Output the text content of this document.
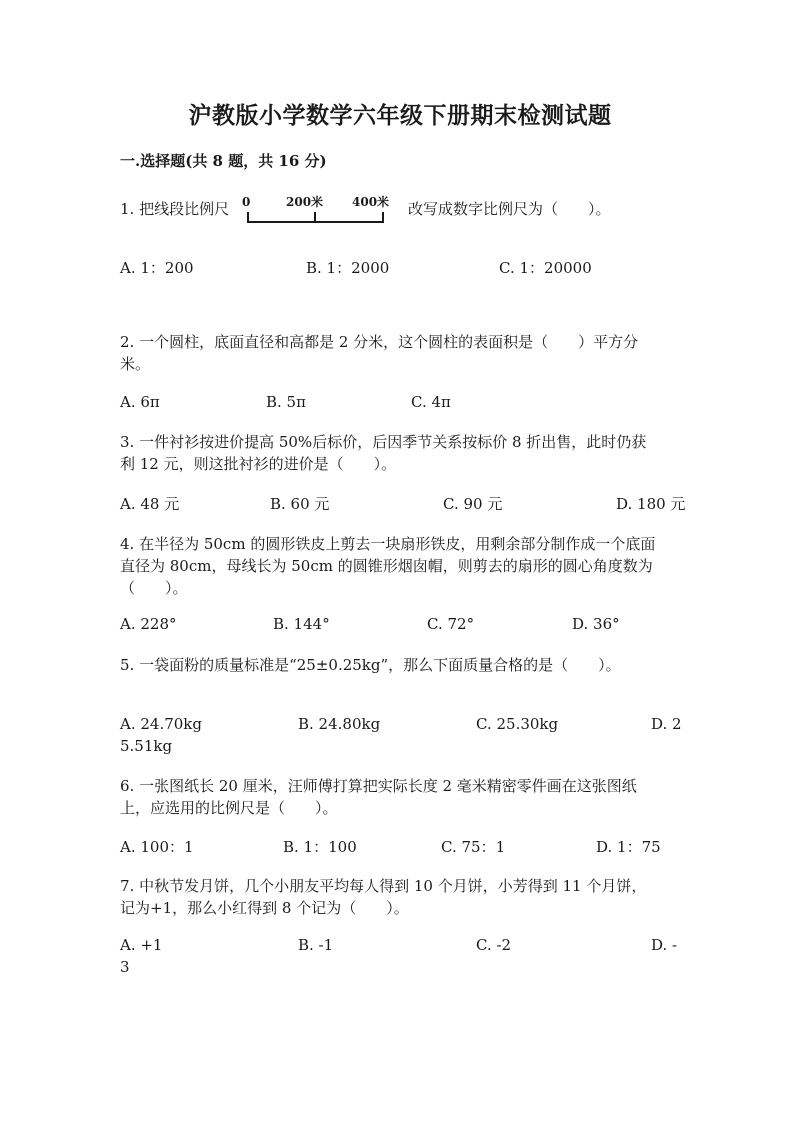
沪教版小学数学六年级下册期末检测试题
一.选择题(共 8 题，共 16 分)
1. 把线段比例尺 0	200米 400米 改写成数字比例尺为（　　）。
A. 1：200	B. 1：2000	C. 1：20000
2. 一个圆柱，底面直径和高都是 2 分米，这个圆柱的表面积是（　　）平方分
米。
A. 6π	B. 5π	C. 4π
3. 一件衬衫按进价提高 50%后标价，后因季节关系按标价 8 折出售，此时仍获
利 12 元，则这批衬衫的进价是（　　）。
A. 48 元	B. 60 元	C. 90 元	D. 180 元
4. 在半径为 50cm 的圆形铁皮上剪去一块扇形铁皮，用剩余部分制作成一个底面
直径为 80cm，母线长为 50cm 的圆锥形烟囱帽，则剪去的扇形的圆心角度数为
（　　）。
A. 228°	B. 144°	C. 72°	D. 36°
5. 一袋面粉的质量标准是“25±0.25kg”，那么下面质量合格的是（　　）。
A. 24.70kg	B. 24.80kg	C. 25.30kg	D. 2
5.51kg
6. 一张图纸长 20 厘米，汪师傅打算把实际长度 2 毫米精密零件画在这张图纸
上，应选用的比例尺是（　　）。
A. 100：1	B. 1：100	C. 75：1	D. 1：75
7. 中秋节发月饼，几个小朋友平均每人得到 10 个月饼，小芳得到 11 个月饼，
记为+1，那么小红得到 8 个记为（　　）。
A. +1	B. -1	C. -2	D. -
3
